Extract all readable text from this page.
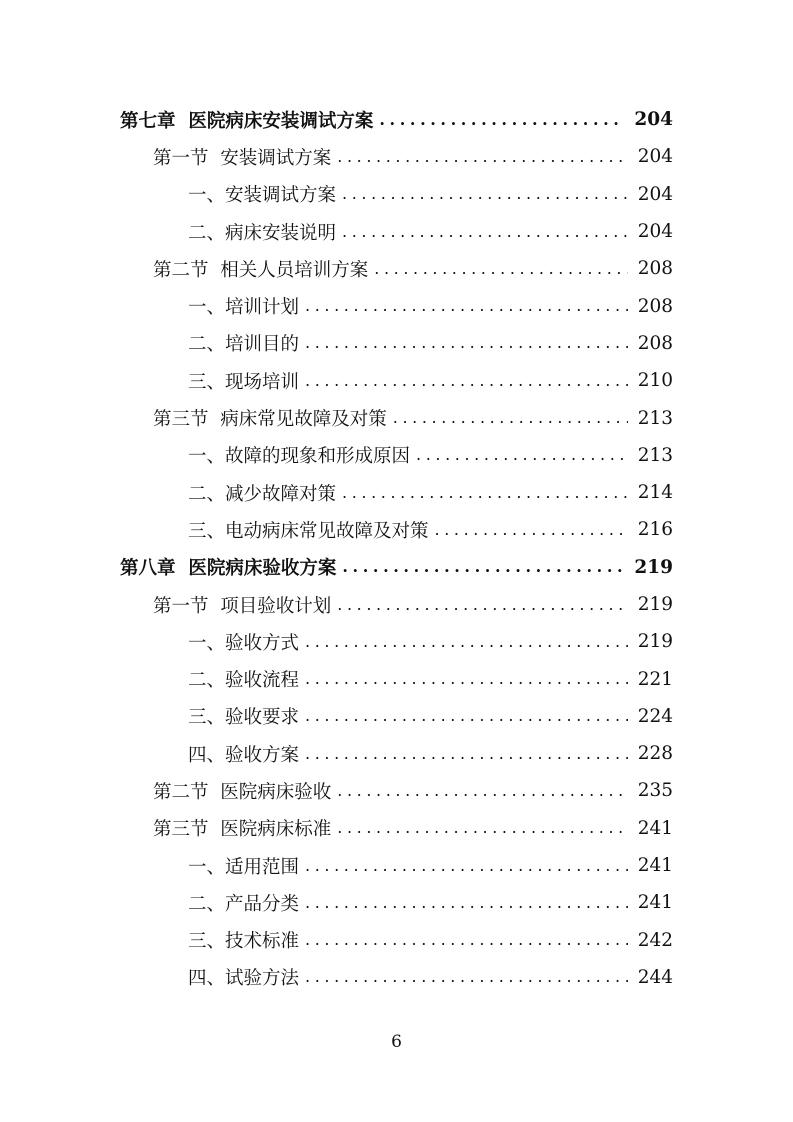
第七章  医院病床安装调试方案 .....	204
第一节  安装调试方案 .....	204
一、安装调试方案 .....	204
二、病床安装说明 .....	204
第二节  相关人员培训方案 .....	208
一、培训计划 .....	208
二、培训目的 .....	208
三、现场培训 .....	210
第三节  病床常见故障及对策 .....	213
一、故障的现象和形成原因 .....	213
二、减少故障对策 .....	214
三、电动病床常见故障及对策 .....	216
第八章  医院病床验收方案 .....	219
第一节  项目验收计划 .....	219
一、验收方式 .....	219
二、验收流程 .....	221
三、验收要求 .....	224
四、验收方案 .....	228
第二节  医院病床验收 .....	235
第三节  医院病床标准 .....	241
一、适用范围 .....	241
二、产品分类 .....	241
三、技术标准 .....	242
四、试验方法 .....	244
6
